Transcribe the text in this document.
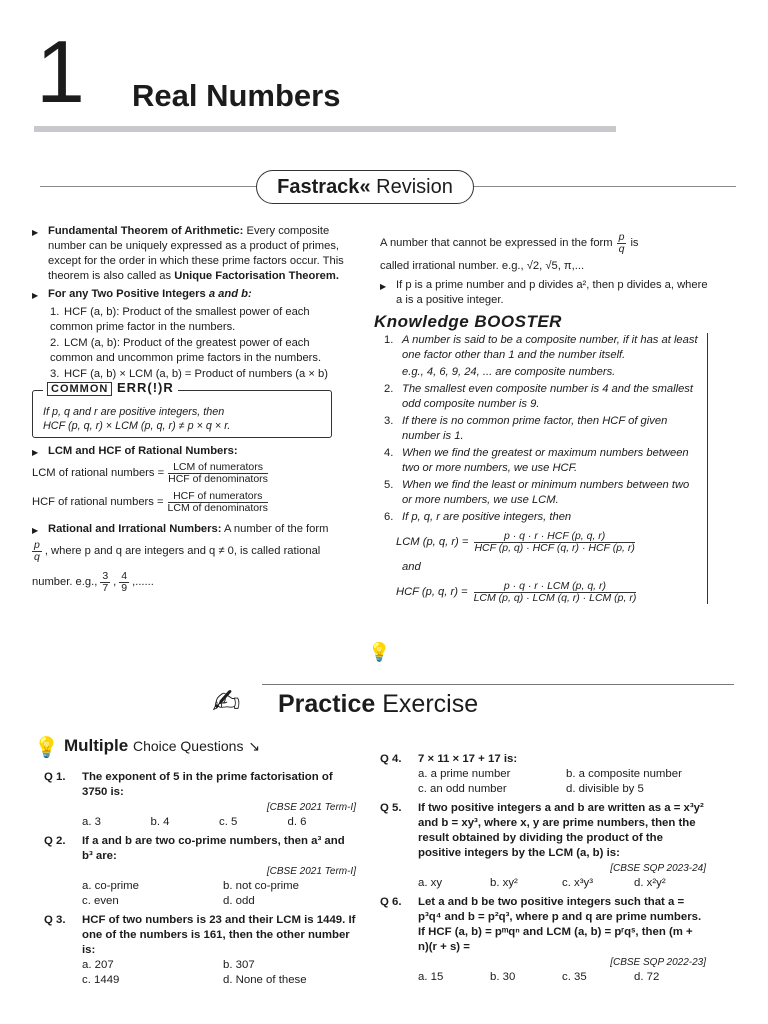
1 Real Numbers
Fastrack« Revision
▶ Fundamental Theorem of Arithmetic: Every composite number can be uniquely expressed as a product of primes, except for the order in which these prime factors occur. This theorem is also called as Unique Factorisation Theorem.
▶ For any Two Positive Integers a and b:
1. HCF (a, b): Product of the smallest power of each common prime factor in the numbers.
2. LCM (a, b): Product of the greatest power of each common and uncommon prime factors in the numbers.
3. HCF (a, b) × LCM (a, b) = Product of numbers (a × b)
COMMON ERR(!)R
If p, q and r are positive integers, then
HCF (p, q, r) × LCM (p, q, r) ≠ p × q × r.
▶ LCM and HCF of Rational Numbers:
LCM of rational numbers = $\frac{\text{LCM of numerators}}{\text{HCF of denominators}}$
HCF of rational numbers = $\frac{\text{HCF of numerators}}{\text{LCM of denominators}}$
▶ Rational and Irrational Numbers: A number of the form
$\frac{p}{q}$ , where p and q are integers and q ≠ 0, is called rational
number. e.g., $\frac{3}{7}$ , $\frac{4}{9}$ ,......
A number that cannot be expressed in the form $\frac{p}{q}$ is
called irrational number. e.g., √2, √5, π,...
▶ If p is a prime number and p divides a², then p divides a, where a is a positive integer.
Knowledge BOOSTER
1. A number is said to be a composite number, if it has at least one factor other than 1 and the number itself.
e.g., 4, 6, 9, 24, ... are composite numbers.
2. The smallest even composite number is 4 and the smallest odd composite number is 9.
3. If there is no common prime factor, then HCF of given number is 1.
4. When we find the greatest or maximum numbers between two or more numbers, we use HCF.
5. When we find the least or minimum numbers between two or more numbers, we use LCM.
6. If p, q, r are positive integers, then
LCM (p, q, $r) = \frac{\text{p · q · r · HCF (p, q, r)}}{\text{HCF (p, q) · HCF (q, r) · HCF (p, r)}}$
and
HCF (p, q, $r) = \frac{\text{p · q · r · LCM (p, q, r)}}{\text{LCM (p, q) · LCM (q, r) · LCM (p, r)}}$
💡
✍ Practice Exercise
💡 Multiple Choice Questions ↘
Q 1. The exponent of 5 in the prime factorisation of 3750 is:
[CBSE 2021 Term-I]
a. 3	b. 4	c. 5	d. 6
Q 2. If a and b are two co-prime numbers, then a³ and b³ are:
[CBSE 2021 Term-I]
a. co-prime	b. not co-prime
c. even	d. odd
Q 3. HCF of two numbers is 23 and their LCM is 1449. If one of the numbers is 161, then the other number is:
a. 207	b. 307
c. 1449	d. None of these
Q 4. 7 × 11 × 17 + 17 is:
a. a prime number	b. a composite number
c. an odd number	d. divisible by 5
Q 5. If two positive integers a and b are written as a = x³y² and b = xy³, where x, y are prime numbers, then the result obtained by dividing the product of the positive integers by the LCM (a, b) is:
[CBSE SQP 2023-24]
a. xy	b. xy²	c. x³y³	d. x²y²
Q 6. Let a and b be two positive integers such that a = p³q⁴ and b = p²q³, where p and q are prime numbers. If HCF (a, b) = pᵐqⁿ and LCM (a, b) = pʳqˢ, then (m + n)(r + s) =
[CBSE SQP 2022-23]
a. 15	b. 30	c. 35	d. 72
